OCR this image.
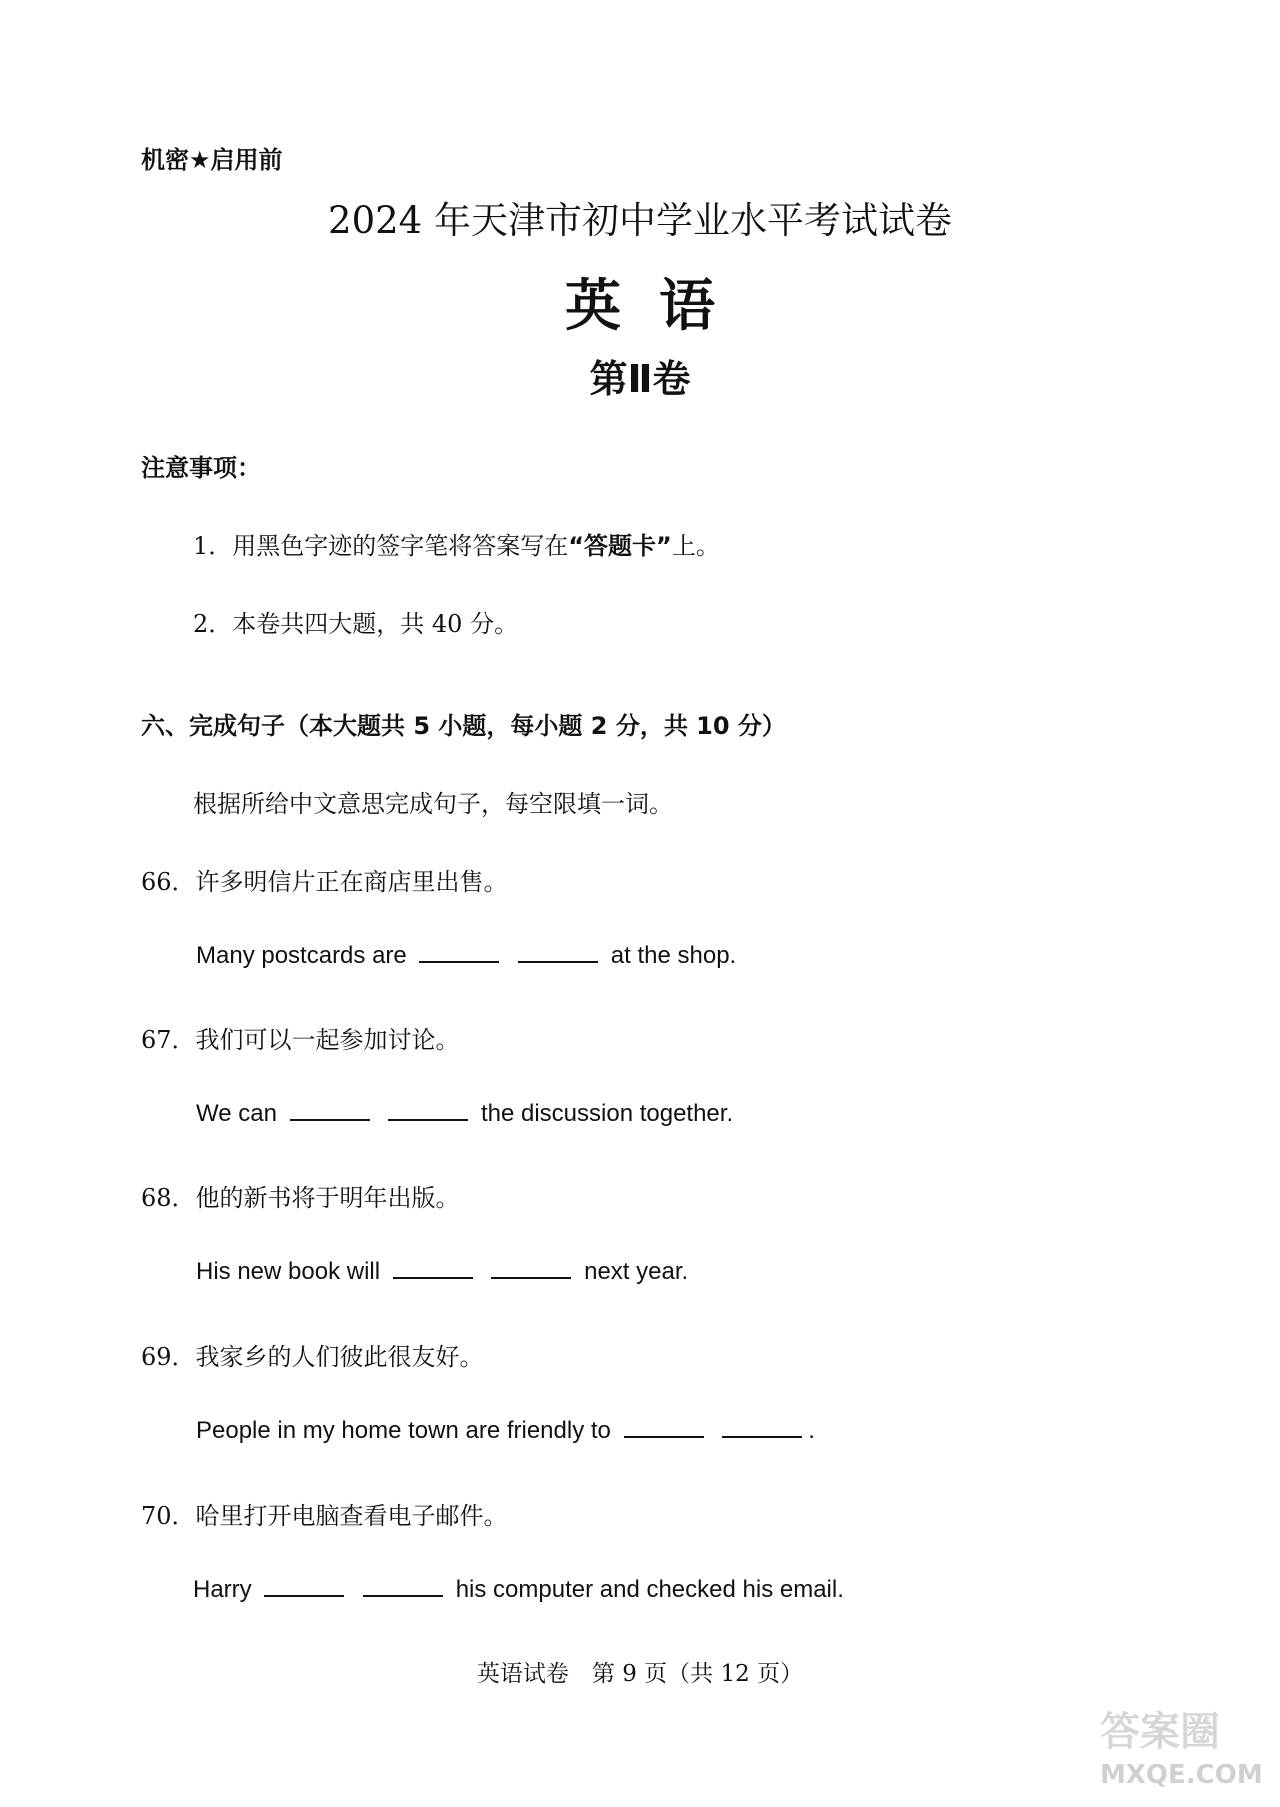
机密★启用前
2024 年天津市初中学业水平考试试卷
英语
第Ⅱ卷
注意事项：
1．用黑色字迹的签字笔将答案写在“答题卡”上。
2．本卷共四大题，共 40 分。
六、完成句子（本大题共 5 小题，每小题 2 分，共 10 分）
根据所给中文意思完成句子，每空限填一词。
66．许多明信片正在商店里出售。
Many postcards are	at the shop.
67．我们可以一起参加讨论。
We can	the discussion together.
68．他的新书将于明年出版。
His new book will	next year.
69．我家乡的人们彼此很友好。
People in my home town are friendly to	.
70．哈里打开电脑查看电子邮件。
Harry	his computer and checked his email.
英语试卷　第 9 页（共 12 页）
答案圈
MXQE.COM
